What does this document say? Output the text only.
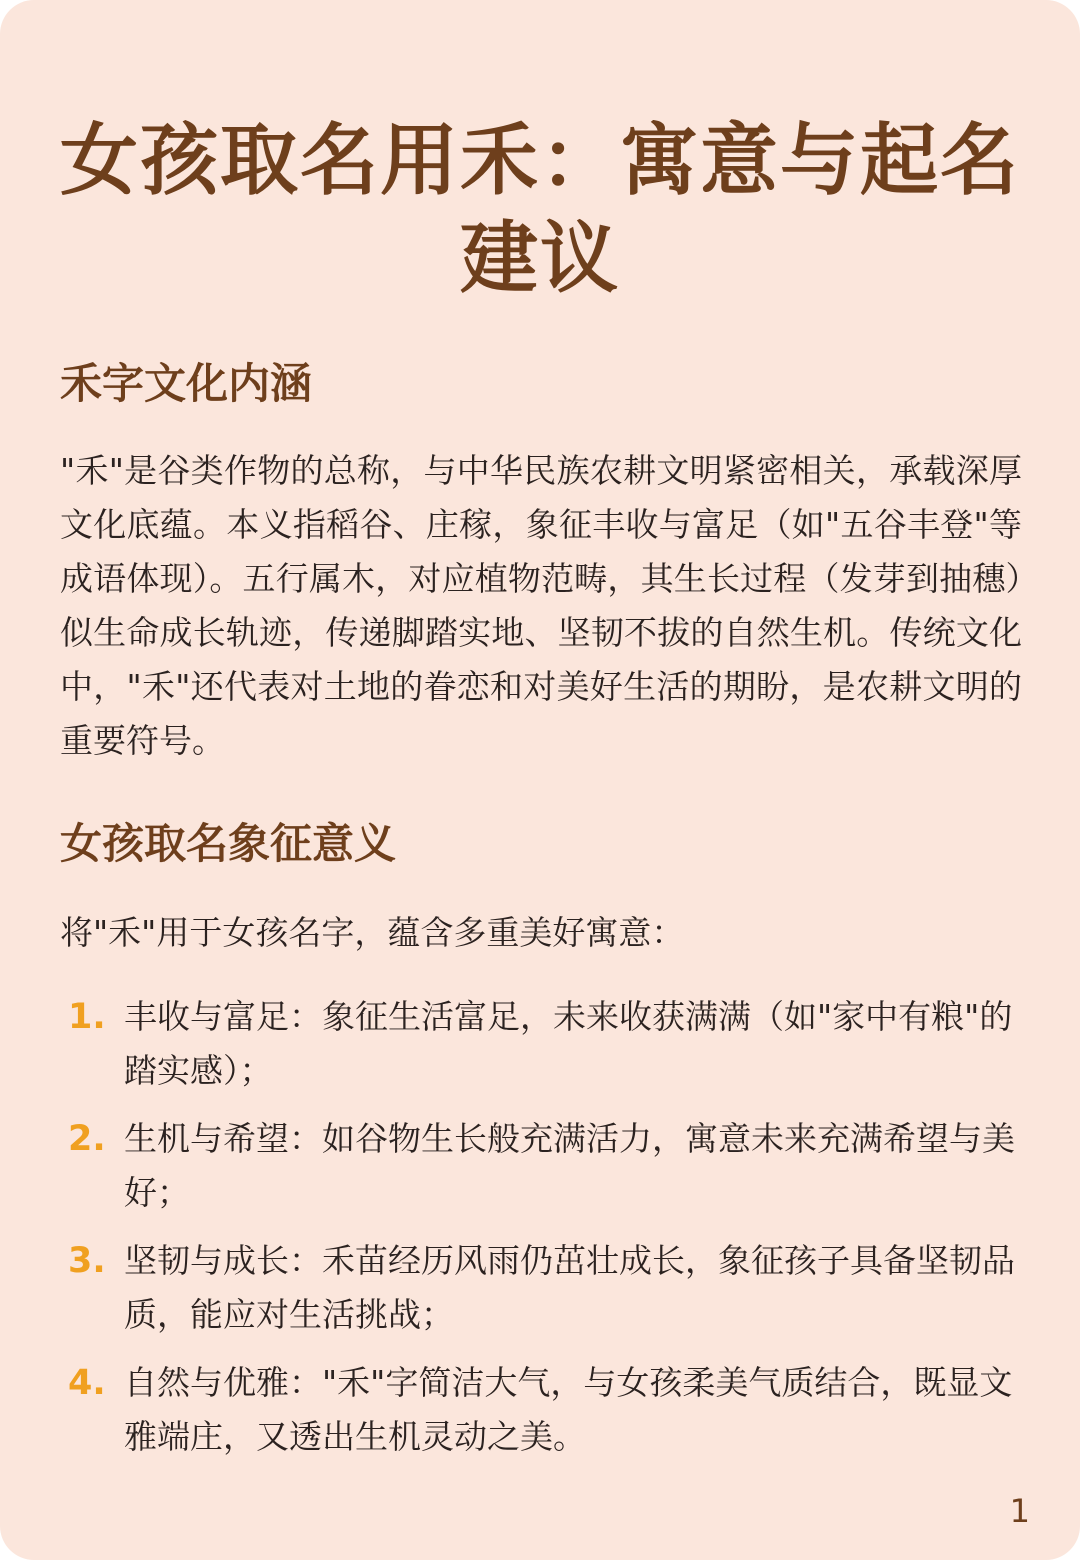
女孩取名用禾：寓意与起名建议
禾字文化内涵

"禾"是谷类作物的总称，与中华民族农耕文明紧密相关，承载深厚文化底蕴。本义指稻谷、庄稼，象征丰收与富足（如"五谷丰登"等成语体现）。五行属木，对应植物范畴，其生长过程（发芽到抽穗）似生命成长轨迹，传递脚踏实地、坚韧不拔的自然生机。传统文化中，"禾"还代表对土地的眷恋和对美好生活的期盼，是农耕文明的重要符号。

女孩取名象征意义

将"禾"用于女孩名字，蕴含多重美好寓意：

1. 丰收与富足：象征生活富足，未来收获满满（如"家中有粮"的踏实感）；
2. 生机与希望：如谷物生长般充满活力，寓意未来充满希望与美好；
3. 坚韧与成长：禾苗经历风雨仍茁壮成长，象征孩子具备坚韧品质，能应对生活挑战；
4. 自然与优雅："禾"字简洁大气，与女孩柔美气质结合，既显文雅端庄，又透出生机灵动之美。
1
